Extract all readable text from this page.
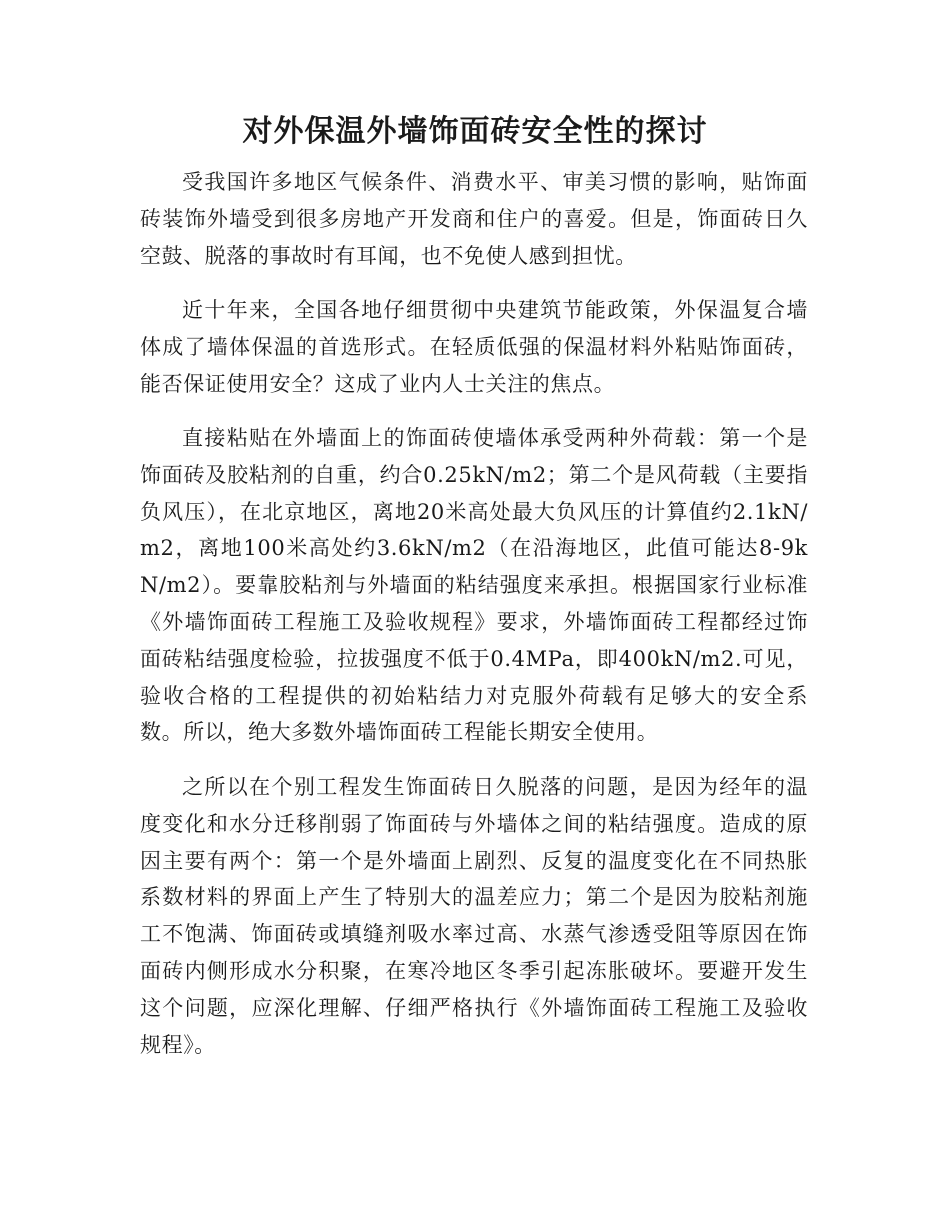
对外保温外墙饰面砖安全性的探讨

受我国许多地区气候条件、消费水平、审美习惯的影响，贴饰面砖装饰外墙受到很多房地产开发商和住户的喜爱。但是，饰面砖日久空鼓、脱落的事故时有耳闻，也不免使人感到担忧。

近十年来，全国各地仔细贯彻中央建筑节能政策，外保温复合墙体成了墙体保温的首选形式。在轻质低强的保温材料外粘贴饰面砖，能否保证使用安全？这成了业内人士关注的焦点。

直接粘贴在外墙面上的饰面砖使墙体承受两种外荷载：第一个是饰面砖及胶粘剂的自重，约合0.25kN/m2；第二个是风荷载（主要指负风压），在北京地区，离地20米高处最大负风压的计算值约2.1kN/m2，离地100米高处约3.6kN/m2（在沿海地区，此值可能达8-9kN/m2）。要靠胶粘剂与外墙面的粘结强度来承担。根据国家行业标准《外墙饰面砖工程施工及验收规程》要求，外墙饰面砖工程都经过饰面砖粘结强度检验，拉拔强度不低于0.4MPa，即400kN/m2.可见，验收合格的工程提供的初始粘结力对克服外荷载有足够大的安全系数。所以，绝大多数外墙饰面砖工程能长期安全使用。

之所以在个别工程发生饰面砖日久脱落的问题，是因为经年的温度变化和水分迁移削弱了饰面砖与外墙体之间的粘结强度。造成的原因主要有两个：第一个是外墙面上剧烈、反复的温度变化在不同热胀系数材料的界面上产生了特别大的温差应力；第二个是因为胶粘剂施工不饱满、饰面砖或填缝剂吸水率过高、水蒸气渗透受阻等原因在饰面砖内侧形成水分积聚，在寒冷地区冬季引起冻胀破坏。要避开发生这个问题，应深化理解、仔细严格执行《外墙饰面砖工程施工及验收规程》。
